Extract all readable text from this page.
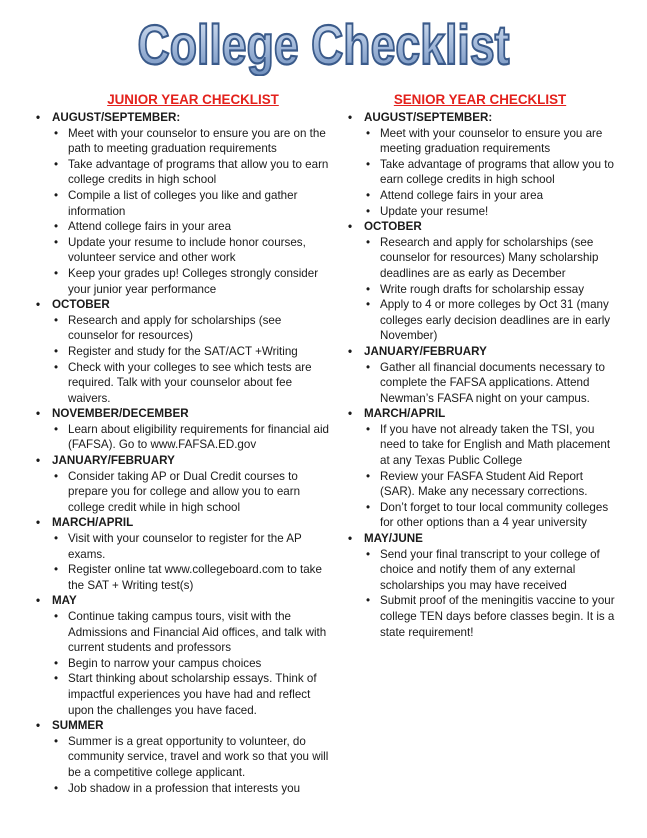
College Checklist
JUNIOR YEAR CHECKLIST
• AUGUST/SEPTEMBER:
• Meet with your counselor to ensure you are on the path to meeting graduation requirements
• Take advantage of programs that allow you to earn college credits in high school
• Compile a list of colleges you like and gather information
• Attend college fairs in your area
• Update your resume to include honor courses, volunteer service and other work
• Keep your grades up! Colleges strongly consider your junior year performance
• OCTOBER
• Research and apply for scholarships (see counselor for resources)
• Register and study for the SAT/ACT +Writing
• Check with your colleges to see which tests are required. Talk with your counselor about fee waivers.
• NOVEMBER/DECEMBER
• Learn about eligibility requirements for financial aid (FAFSA). Go to www.FAFSA.ED.gov
• JANUARY/FEBRUARY
• Consider taking AP or Dual Credit courses to prepare you for college and allow you to earn college credit while in high school
• MARCH/APRIL
• Visit with your counselor to register for the AP exams.
• Register online tat www.collegeboard.com to take the SAT + Writing test(s)
• MAY
• Continue taking campus tours, visit with the Admissions and Financial Aid offices, and talk with current students and professors
• Begin to narrow your campus choices
• Start thinking about scholarship essays. Think of impactful experiences you have had and reflect upon the challenges you have faced.
• SUMMER
• Summer is a great opportunity to volunteer, do community service, travel and work so that you will be a competitive college applicant.
• Job shadow in a profession that interests you
SENIOR YEAR CHECKLIST
• AUGUST/SEPTEMBER:
• Meet with your counselor to ensure you are meeting graduation requirements
• Take advantage of programs that allow you to earn college credits in high school
• Attend college fairs in your area
• Update your resume!
• OCTOBER
• Research and apply for scholarships (see counselor for resources) Many scholarship deadlines are as early as December
• Write rough drafts for scholarship essay
• Apply to 4 or more colleges by Oct 31 (many colleges early decision deadlines are in early November)
• JANUARY/FEBRUARY
• Gather all financial documents necessary to complete the FAFSA applications. Attend Newman’s FASFA night on your campus.
• MARCH/APRIL
• If you have not already taken the TSI, you need to take for English and Math placement at any Texas Public College
• Review your FASFA Student Aid Report (SAR). Make any necessary corrections.
• Don’t forget to tour local community colleges for other options than a 4 year university
• MAY/JUNE
• Send your final transcript to your college of choice and notify them of any external scholarships you may have received
• Submit proof of the meningitis vaccine to your college TEN days before classes begin. It is a state requirement!
